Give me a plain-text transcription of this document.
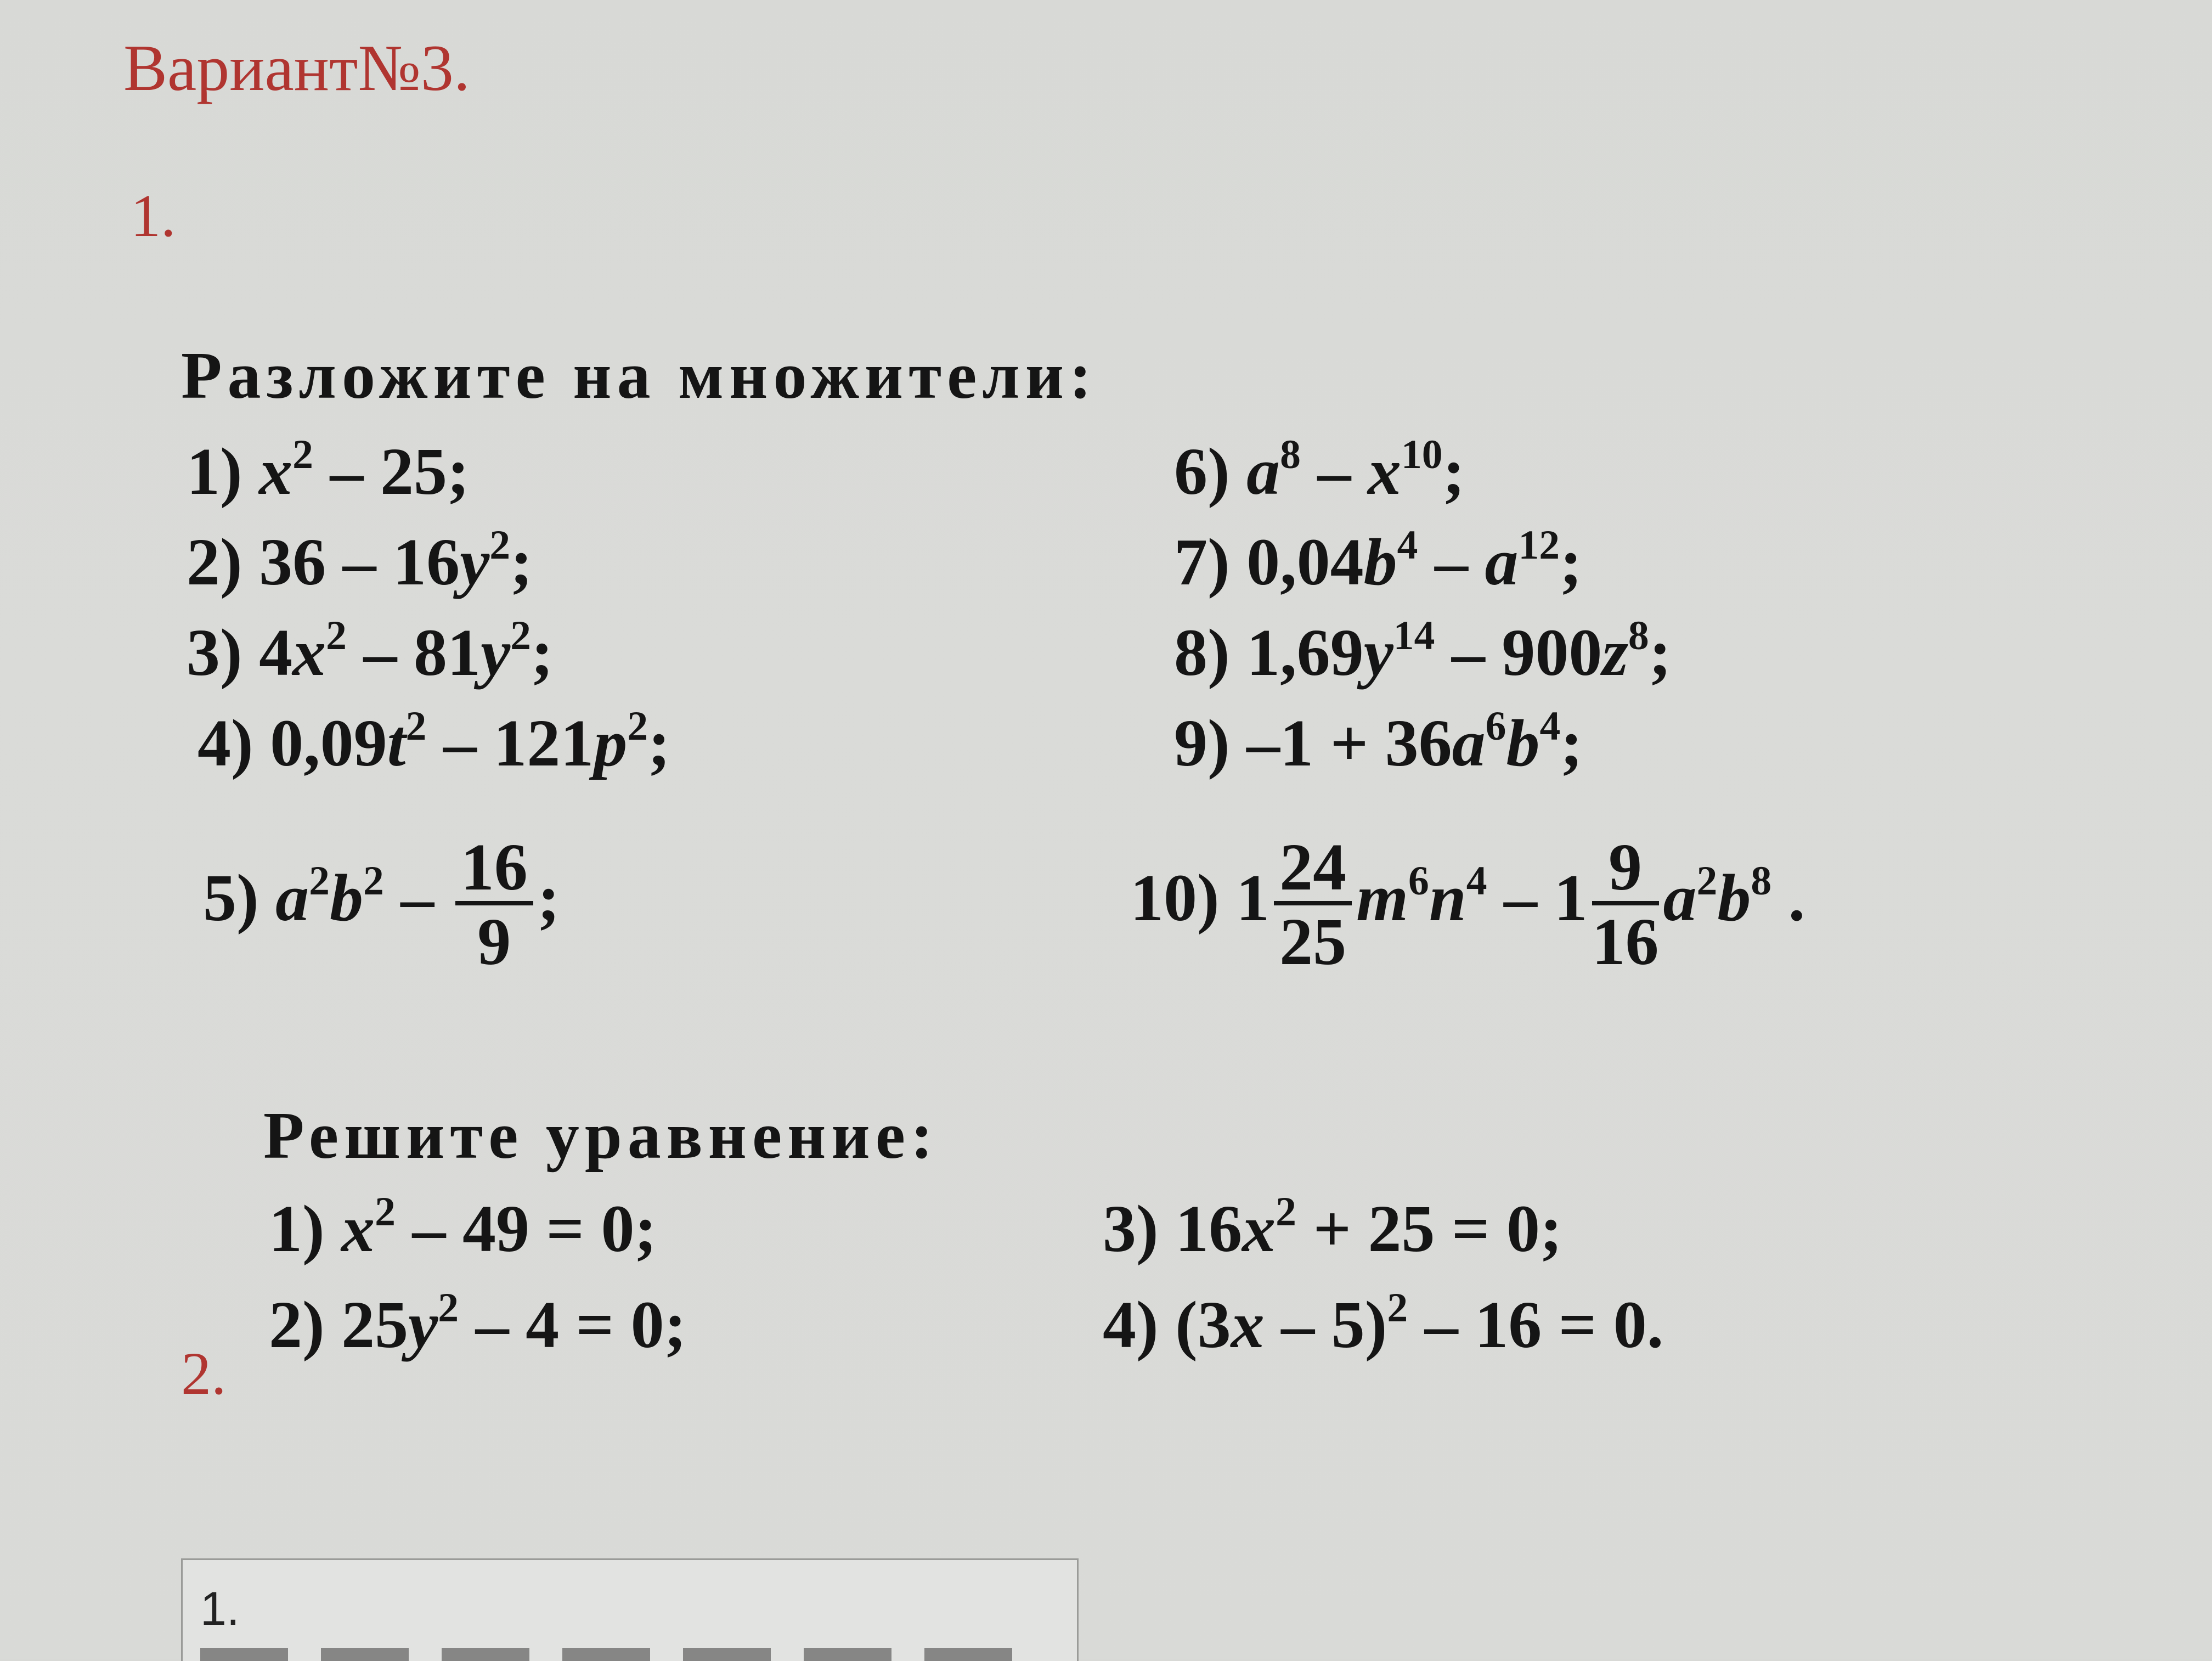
Вариант№3.
1.
Разложите на множители:
1) $x^2 - 25$;
2) $36 - 16y^2$;
3) $4x^2 - 81y^2$;
4) $0,09t^2 - 121p^2$;
5) $a^2b^2 - \frac{16}{9}$ ;
6) $a^8 - x^{10}$;
7) $0,04b^4 - a^{12}$;
8) $1,69y^{14} - 900z^8$;
9) $-1 + 36a^6b^4$;
10) $1 \frac{24}{25} m^6n^4 - 1 \frac{9}{16} a^2b^8$ .
Решите уравнение:
1) $x^2 - 49 = 0$;
2) $25y^2 - 4 = 0$;
3) $16x^2 + 25 = 0$;
4) (3x – 5)$^2$ – 16 = 0.
2.
1.
